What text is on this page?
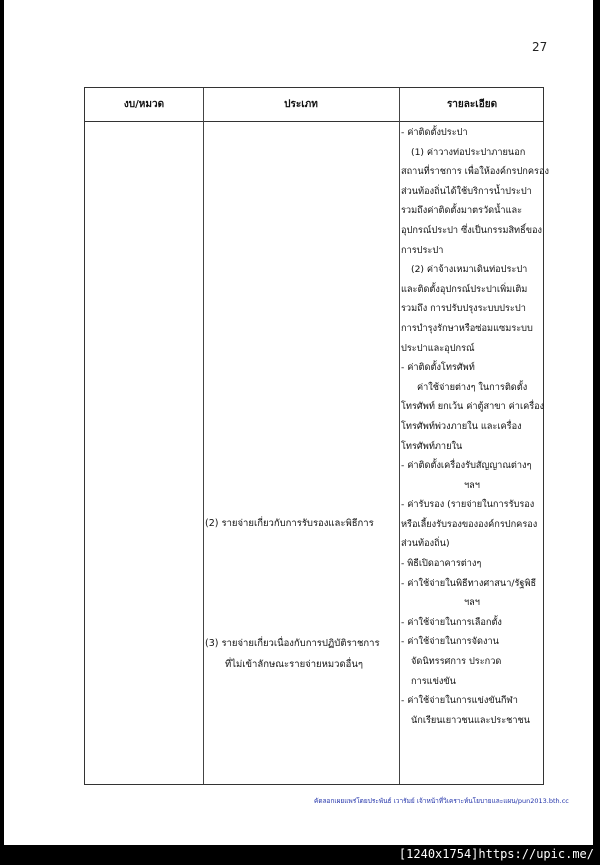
27
งบ/หมวด	ประเภท	รายละเอียด
(2) รายจ่ายเกี่ยวกับการรับรองและพิธีการ
(3) รายจ่ายเกี่ยวเนื่องกับการปฏิบัติราชการ
ที่ไม่เข้าลักษณะรายจ่ายหมวดอื่นๆ
- ค่าติดตั้งประปา
(1) ค่าวางท่อประปาภายนอก
สถานที่ราชการ เพื่อให้องค์กรปกครอง
ส่วนท้องถิ่นได้ใช้บริการน้ำประปา
รวมถึงค่าติดตั้งมาตรวัดน้ำและ
อุปกรณ์ประปา ซึ่งเป็นกรรมสิทธิ์ของ
การประปา
(2) ค่าจ้างเหมาเดินท่อประปา
และติดตั้งอุปกรณ์ประปาเพิ่มเติม
รวมถึง การปรับปรุงระบบประปา
การบำรุงรักษาหรือซ่อมแซมระบบ
ประปาและอุปกรณ์
- ค่าติดตั้งโทรศัพท์
ค่าใช้จ่ายต่างๆ ในการติดตั้ง
โทรศัพท์ ยกเว้น ค่าตู้สาขา ค่าเครื่อง
โทรศัพท์พ่วงภายใน และเครื่อง
โทรศัพท์ภายใน
- ค่าติดตั้งเครื่องรับสัญญาณต่างๆ
ฯลฯ
- ค่ารับรอง (รายจ่ายในการรับรอง
หรือเลี้ยงรับรองขององค์กรปกครอง
ส่วนท้องถิ่น)
- พิธีเปิดอาคารต่างๆ
- ค่าใช้จ่ายในพิธีทางศาสนา/รัฐพิธี
ฯลฯ
- ค่าใช้จ่ายในการเลือกตั้ง
- ค่าใช้จ่ายในการจัดงาน
จัดนิทรรศการ ประกวด
การแข่งขัน
- ค่าใช้จ่ายในการแข่งขันกีฬา
นักเรียนเยาวชนและประชาชน
คัดลอกเผยแพร่โดยประพันธ์ เวารัมย์ เจ้าหน้าที่วิเคราะห์นโยบายและแผน/pun2013.bth.cc
[1240x1754]https://upic.me/
